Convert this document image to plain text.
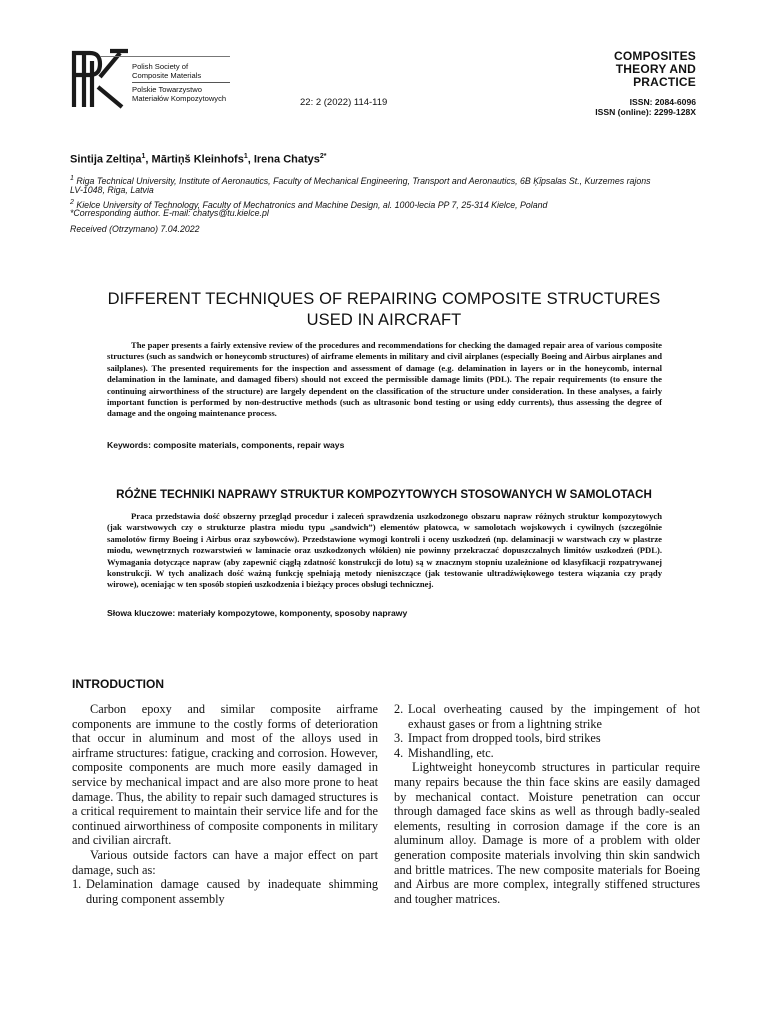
Polish Society of
Composite Materials
Polskie Towarzystwo
Materiałów Kompozytowych	22: 2 (2022) 114-119
COMPOSITES
THEORY AND
PRACTICE
ISSN: 2084-6096
ISSN (online): 2299-128X
Sintija Zeltiņa$^1$, Mārtiņš Kleinhofs$^1$, Irena Chatys$^{2*}$
$^1$ Riga Technical University, Institute of Aeronautics, Faculty of Mechanical Engineering, Transport and Aeronautics, 6B Ķīpsalas St., Kurzemes rajons
LV-1048, Riga, Latvia
$^2$ Kielce University of Technology, Faculty of Mechatronics and Machine Design, al. 1000-lecia PP 7, 25-314 Kielce, Poland
*Corresponding author. E-mail: chatys@tu.kielce.pl
Received (Otrzymano) 7.04.2022
DIFFERENT TECHNIQUES OF REPAIRING COMPOSITE STRUCTURES
USED IN AIRCRAFT
The paper presents a fairly extensive review of the procedures and recommendations for checking the damaged repair area of various composite structures (such as sandwich or honeycomb structures) of airframe elements in military and civil airplanes (especially Boeing and Airbus airplanes and sailplanes). The presented requirements for the inspection and assessment of damage (e.g. delamination in layers or in the honeycomb, internal delamination in the laminate, and damaged fibers) should not exceed the permissible damage limits (PDL). The repair requirements (to ensure the continuing airworthiness of the structure) are largely dependent on the classification of the structure under consideration. In these analyses, a fairly important function is performed by non-destructive methods (such as ultrasonic bond testing or using eddy currents), thus assessing the degree of damage and the ongoing maintenance process.
Keywords: composite materials, components, repair ways
RÓŻNE TECHNIKI NAPRAWY STRUKTUR KOMPOZYTOWYCH STOSOWANYCH W SAMOLOTACH
Praca przedstawia dość obszerny przegląd procedur i zaleceń sprawdzenia uszkodzonego obszaru napraw różnych struktur kompozytowych (jak warstwowych czy o strukturze plastra miodu typu „sandwich”) elementów płatowca, w samolotach wojskowych i cywilnych (szczególnie samolotów firmy Boeing i Airbus oraz szybowców). Przedstawione wymogi kontroli i oceny uszkodzeń (np. delaminacji w warstwach czy w plastrze miodu, wewnętrznych rozwarstwień w laminacie oraz uszkodzonych włókien) nie powinny przekraczać dopuszczalnych limitów uszkodzeń (PDL). Wymagania dotyczące napraw (aby zapewnić ciągłą zdatność konstrukcji do lotu) są w znacznym stopniu uzależnione od klasyfikacji rozpatrywanej konstrukcji. W tych analizach dość ważną funkcję spełniają metody nieniszczące (jak testowanie ultradźwiękowego testera wiązania czy prądy wirowe), oceniając w ten sposób stopień uszkodzenia i bieżący proces obsługi technicznej.
Słowa kluczowe: materiały kompozytowe, komponenty, sposoby naprawy
INTRODUCTION

Carbon epoxy and similar composite airframe components are immune to the costly forms of deterioration that occur in aluminum and most of the alloys used in airframe structures: fatigue, cracking and corrosion. However, composite components are much more easily damaged in service by mechanical impact and are also more prone to heat damage. Thus, the ability to repair such damaged structures is a critical requirement to maintain their service life and for the continued airworthiness of composite components in military and civilian aircraft.

Various outside factors can have a major effect on part damage, such as:

1. Delamination damage caused by inadequate shimming during component assembly
2. Local overheating caused by the impingement of hot exhaust gases or from a lightning strike
3. Impact from dropped tools, bird strikes
4. Mishandling, etc.

Lightweight honeycomb structures in particular require many repairs because the thin face skins are easily damaged by mechanical contact. Moisture penetration can occur through damaged face skins as well as through badly-sealed elements, resulting in corrosion damage if the core is an aluminum alloy. Damage is more of a problem with older generation composite materials involving thin skin sandwich and brittle matrices. The new composite materials for Boeing and Airbus are more complex, integrally stiffened structures and tougher matrices.
